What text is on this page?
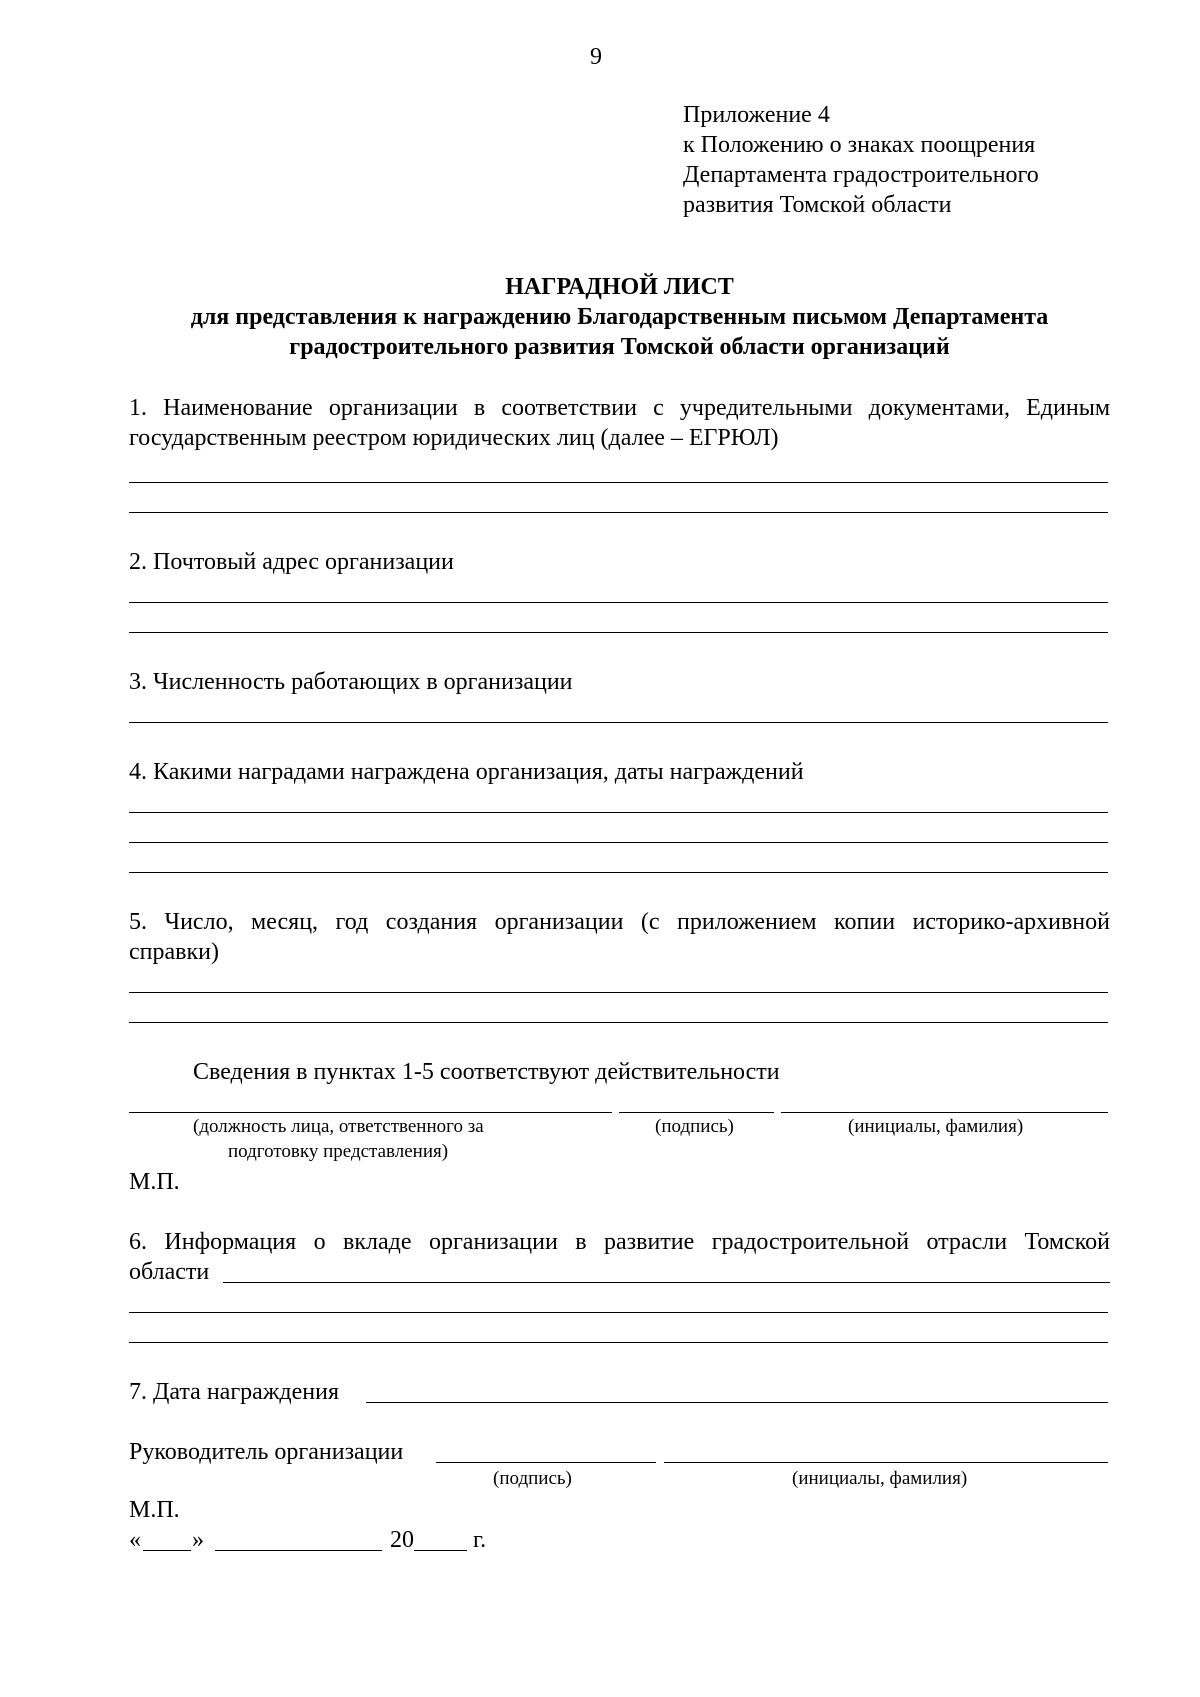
9
Приложение 4
к Положению о знаках поощрения
Департамента градостроительного
развития Томской области
НАГРАДНОЙ ЛИСТ
для представления к награждению Благодарственным письмом Департамента
градостроительного развития Томской области организаций
1. Наименование организации в соответствии с учредительными документами, Единым
государственным реестром юридических лиц (далее – ЕГРЮЛ)
2. Почтовый адрес организации
3. Численность работающих в организации
4. Какими наградами награждена организация, даты награждений
5. Число, месяц, год создания организации (с приложением копии историко-архивной
справки)
Сведения в пунктах 1-5 соответствуют действительности
(должность лица, ответственного за
подготовку представления)
(подпись)	(инициалы, фамилия)
М.П.
6. Информация о вкладе организации в развитие градостроительной отрасли Томской
области
7. Дата награждения
Руководитель организации
(подпись)	(инициалы, фамилия)
М.П.
« »	20 г.
